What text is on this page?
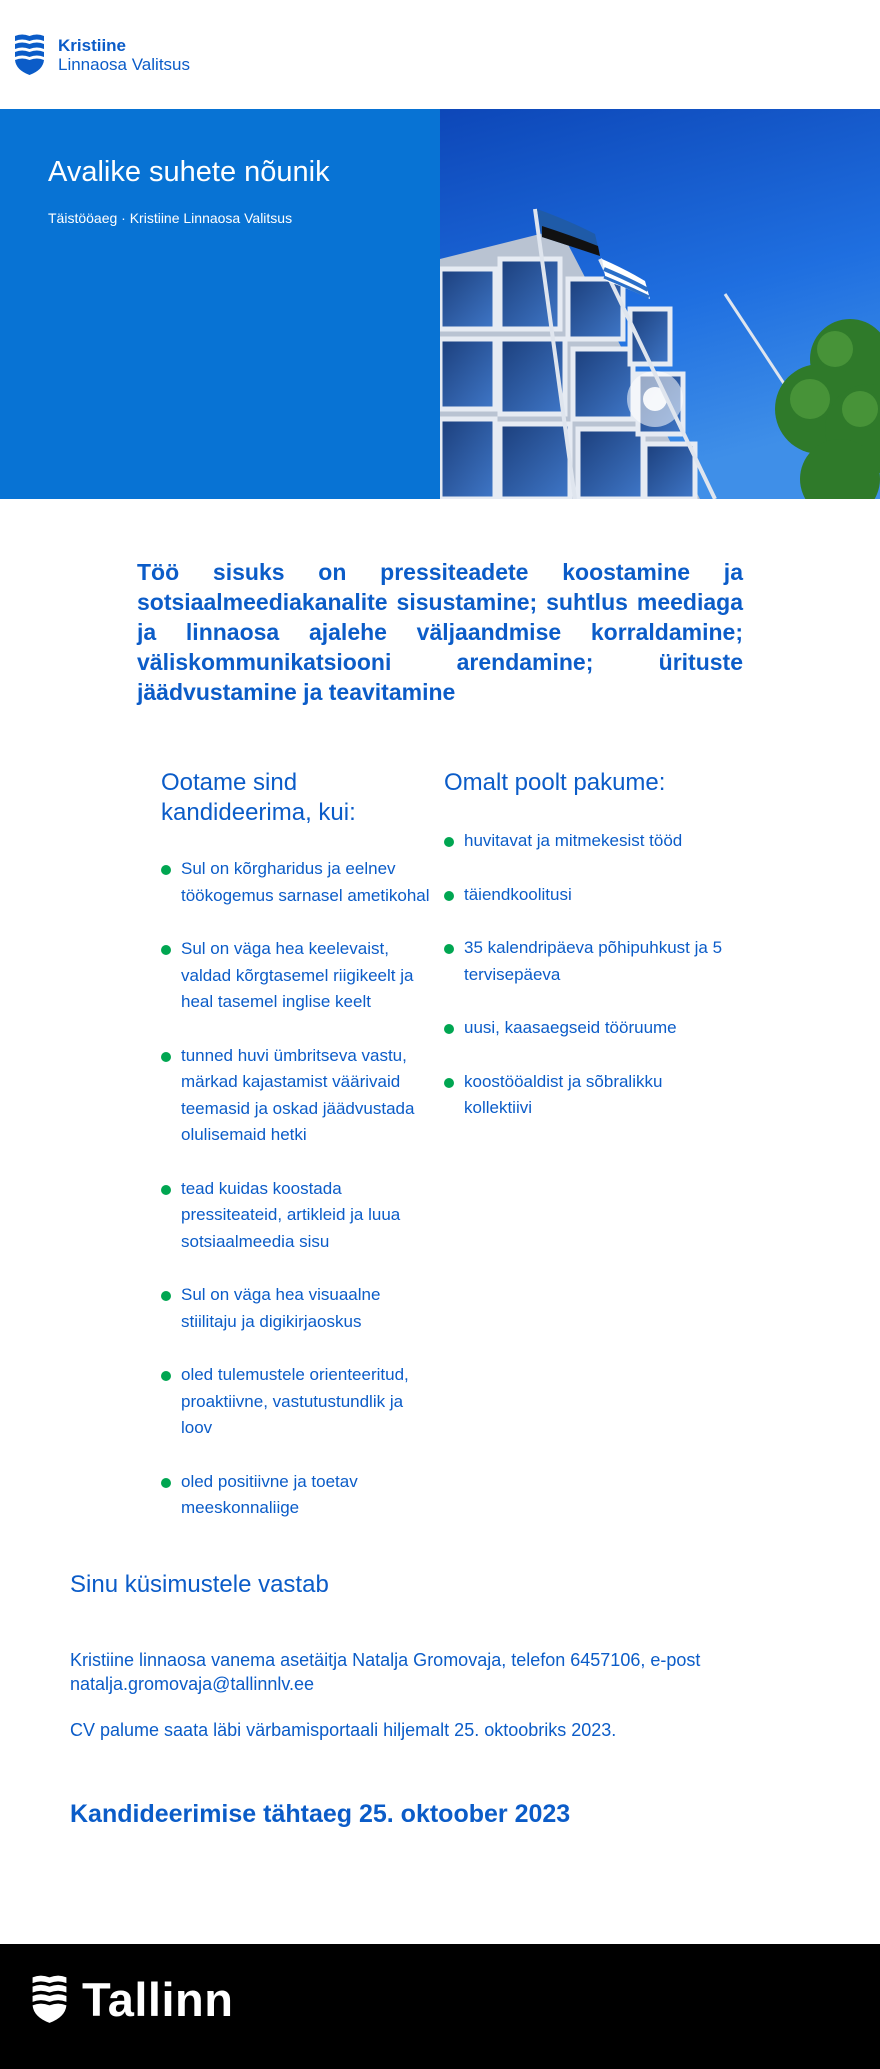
Kristiine
Linnaosa Valitsus
Avalike suhete nõunik
Täistööaeg · Kristiine Linnaosa Valitsus

Töö sisuks on pressiteadete koostamine ja sotsiaalmeediakanalite sisustamine; suhtlus meediaga ja linnaosa ajalehe väljaandmise korraldamine; väliskommunikatsiooni arendamine; ürituste jäädvustamine ja teavitamine

Ootame sind kandideerima, kui:
Sul on kõrgharidus ja eelnev töökogemus sarnasel ametikohal
Sul on väga hea keelevaist, valdad kõrgtasemel riigikeelt ja heal tasemel inglise keelt
tunned huvi ümbritseva vastu, märkad kajastamist väärivaid teemasid ja oskad jäädvustada olulisemaid hetki
tead kuidas koostada pressiteateid, artikleid ja luua sotsiaalmeedia sisu
Sul on väga hea visuaalne stiilitaju ja digikirjaoskus
oled tulemustele orienteeritud, proaktiivne, vastutustundlik ja loov
oled positiivne ja toetav meeskonnaliige
Omalt poolt pakume:
huvitavat ja mitmekesist tööd
täiendkoolitusi
35 kalendripäeva põhipuhkust ja 5 tervisepäeva
uusi, kaasaegseid tööruume
koostööaldist ja sõbralikku kollektiivi
Sinu küsimustele vastab

Kristiine linnaosa vanema asetäitja Natalja Gromovaja, telefon 6457106, e-post natalja.gromovaja@tallinnlv.ee

CV palume saata läbi värbamisportaali hiljemalt 25. oktoobriks 2023.

Kandideerimise tähtaeg 25. oktoober 2023
Tallinn
